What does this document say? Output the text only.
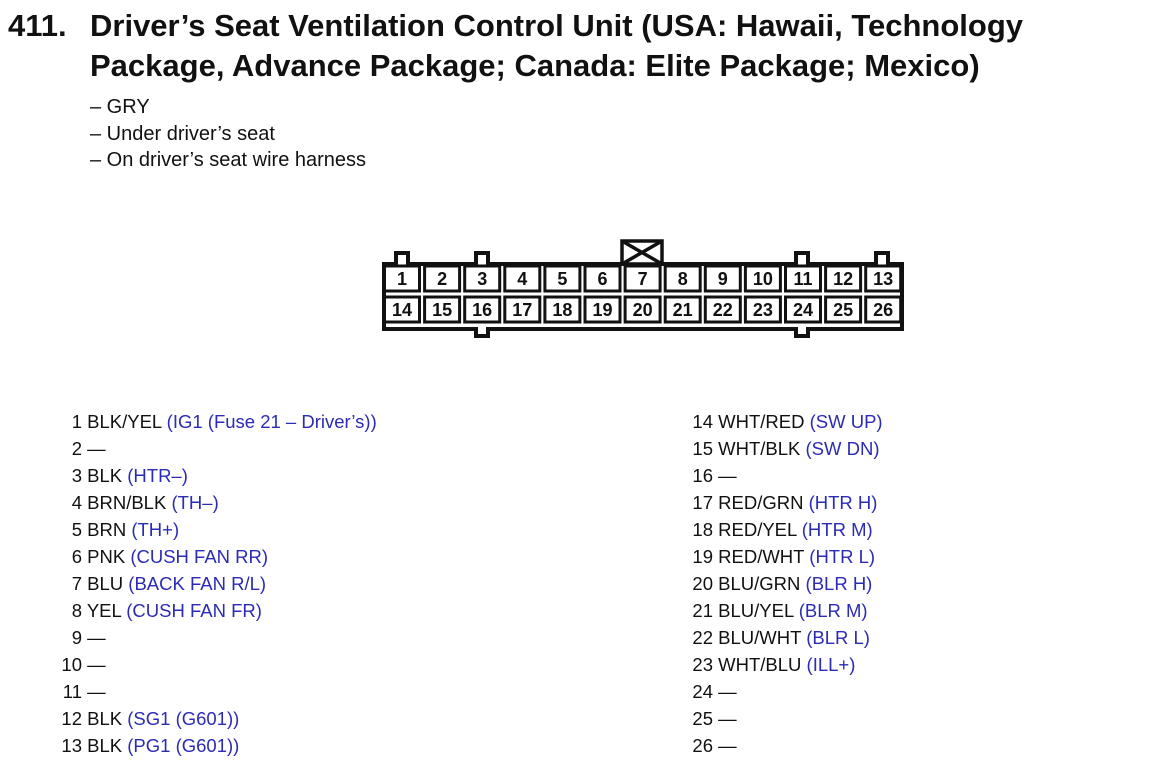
411. Driver’s Seat Ventilation Control Unit (USA: Hawaii, Technology Package, Advance Package; Canada: Elite Package; Mexico)
– GRY
– Under driver’s seat
– On driver’s seat wire harness
1 2 3 4 5 6 7 8 9 10 11 12 13
14 15 16 17 18 19 20 21 22 23 24 25 26
1 BLK/YEL (IG1 (Fuse 21 – Driver’s))
2 —
3 BLK (HTR–)
4 BRN/BLK (TH–)
5 BRN (TH+)
6 PNK (CUSH FAN RR)
7 BLU (BACK FAN R/L)
8 YEL (CUSH FAN FR)
9 —
10 —
11 —
12 BLK (SG1 (G601))
13 BLK (PG1 (G601))
14 WHT/RED (SW UP)
15 WHT/BLK (SW DN)
16 —
17 RED/GRN (HTR H)
18 RED/YEL (HTR M)
19 RED/WHT (HTR L)
20 BLU/GRN (BLR H)
21 BLU/YEL (BLR M)
22 BLU/WHT (BLR L)
23 WHT/BLU (ILL+)
24 —
25 —
26 —
